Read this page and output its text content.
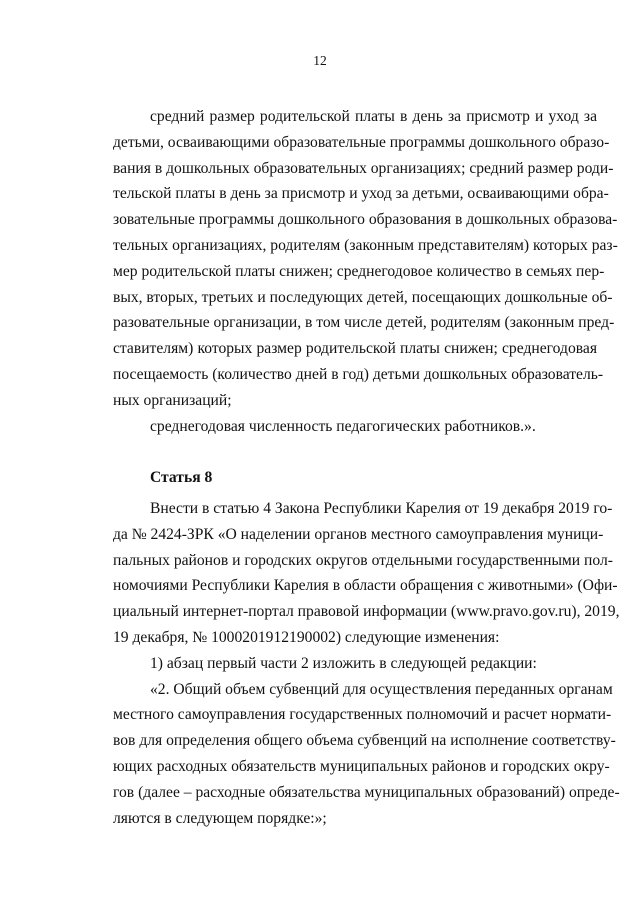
12
средний размер родительской платы в день за присмотр и уход за
детьми, осваивающими образовательные программы дошкольного образо-
вания в дошкольных образовательных организациях; средний размер роди-
тельской платы в день за присмотр и уход за детьми, осваивающими обра-
зовательные программы дошкольного образования в дошкольных образова-
тельных организациях, родителям (законным представителям) которых раз-
мер родительской платы снижен; среднегодовое количество в семьях пер-
вых, вторых, третьих и последующих детей, посещающих дошкольные об-
разовательные организации, в том числе детей, родителям (законным пред-
ставителям) которых размер родительской платы снижен; среднегодовая
посещаемость (количество дней в год) детьми дошкольных образователь-
ных организаций;
среднегодовая численность педагогических работников.».
Статья 8
Внести в статью 4 Закона Республики Карелия от 19 декабря 2019 го-
да № 2424-ЗРК «О наделении органов местного самоуправления муници-
пальных районов и городских округов отдельными государственными пол-
номочиями Республики Карелия в области обращения с животными» (Офи-
циальный интернет-портал правовой информации (www.pravo.gov.ru), 2019,
19 декабря, № 1000201912190002) следующие изменения:
1) абзац первый части 2 изложить в следующей редакции:
«2. Общий объем субвенций для осуществления переданных органам
местного самоуправления государственных полномочий и расчет нормати-
вов для определения общего объема субвенций на исполнение соответству-
ющих расходных обязательств муниципальных районов и городских окру-
гов (далее – расходные обязательства муниципальных образований) опреде-
ляются в следующем порядке:»;
